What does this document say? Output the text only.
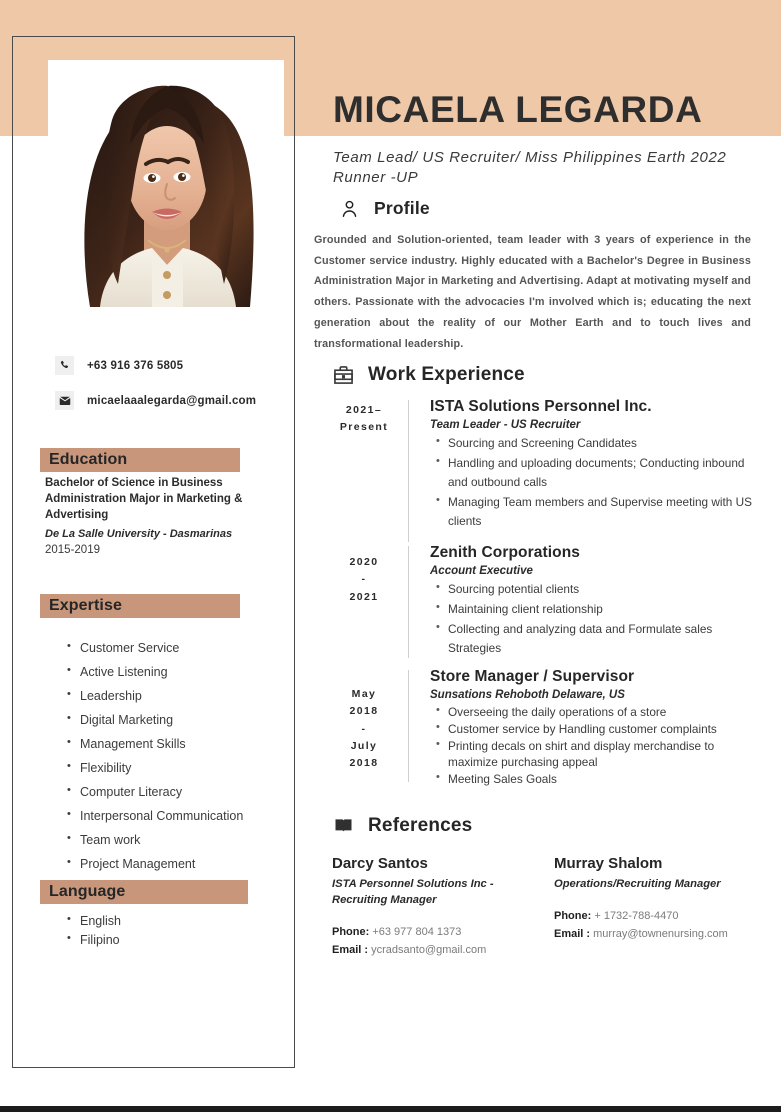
+63 916 376 5805
micaelaaalegarda@gmail.com
Education

Bachelor of Science in Business Administration Major in Marketing & Advertising

De La Salle University - Dasmarinas

2015-2019

Expertise
• Customer Service
• Active Listening
• Leadership
• Digital Marketing
• Management Skills
• Flexibility
• Computer Literacy
• Interpersonal Communication
• Team work
• Project Management
Language
• English
• Filipino
MICAELA LEGARDA

Team Lead/ US Recruiter/ Miss Philippines Earth 2022 Runner -UP

Profile

Grounded and Solution-oriented, team leader with 3 years of experience in the Customer service industry. Highly educated with a Bachelor's Degree in Business Administration Major in Marketing and Advertising. Adapt at motivating myself and others. Passionate with the advocacies I'm involved which is; educating the next generation about the reality of our Mother Earth and to touch lives and transformational leadership.

Work Experience
2021–
Present

ISTA Solutions Personnel Inc.

Team Leader - US Recruiter

• Sourcing and Screening Candidates
• Handling and uploading documents; Conducting inbound and outbound calls
• Managing Team members and Supervise meeting with US clients
2020
-
2021

Zenith Corporations

Account Executive

• Sourcing potential clients
• Maintaining client relationship
• Collecting and analyzing data and Formulate sales Strategies
May
2018
-
July
2018

Store Manager / Supervisor

Sunsations Rehoboth Delaware, US

• Overseeing the daily operations of a store
• Customer service by Handling customer complaints
• Printing decals on shirt and display merchandise to maximize purchasing appeal
• Meeting Sales Goals
References

Darcy Santos

ISTA Personnel Solutions Inc - Recruiting Manager

Phone: +63 977 804 1373
Email : ycradsanto@gmail.com

Murray Shalom

Operations/Recruiting Manager

Phone: + 1732-788-4470
Email : murray@townenursing.com
